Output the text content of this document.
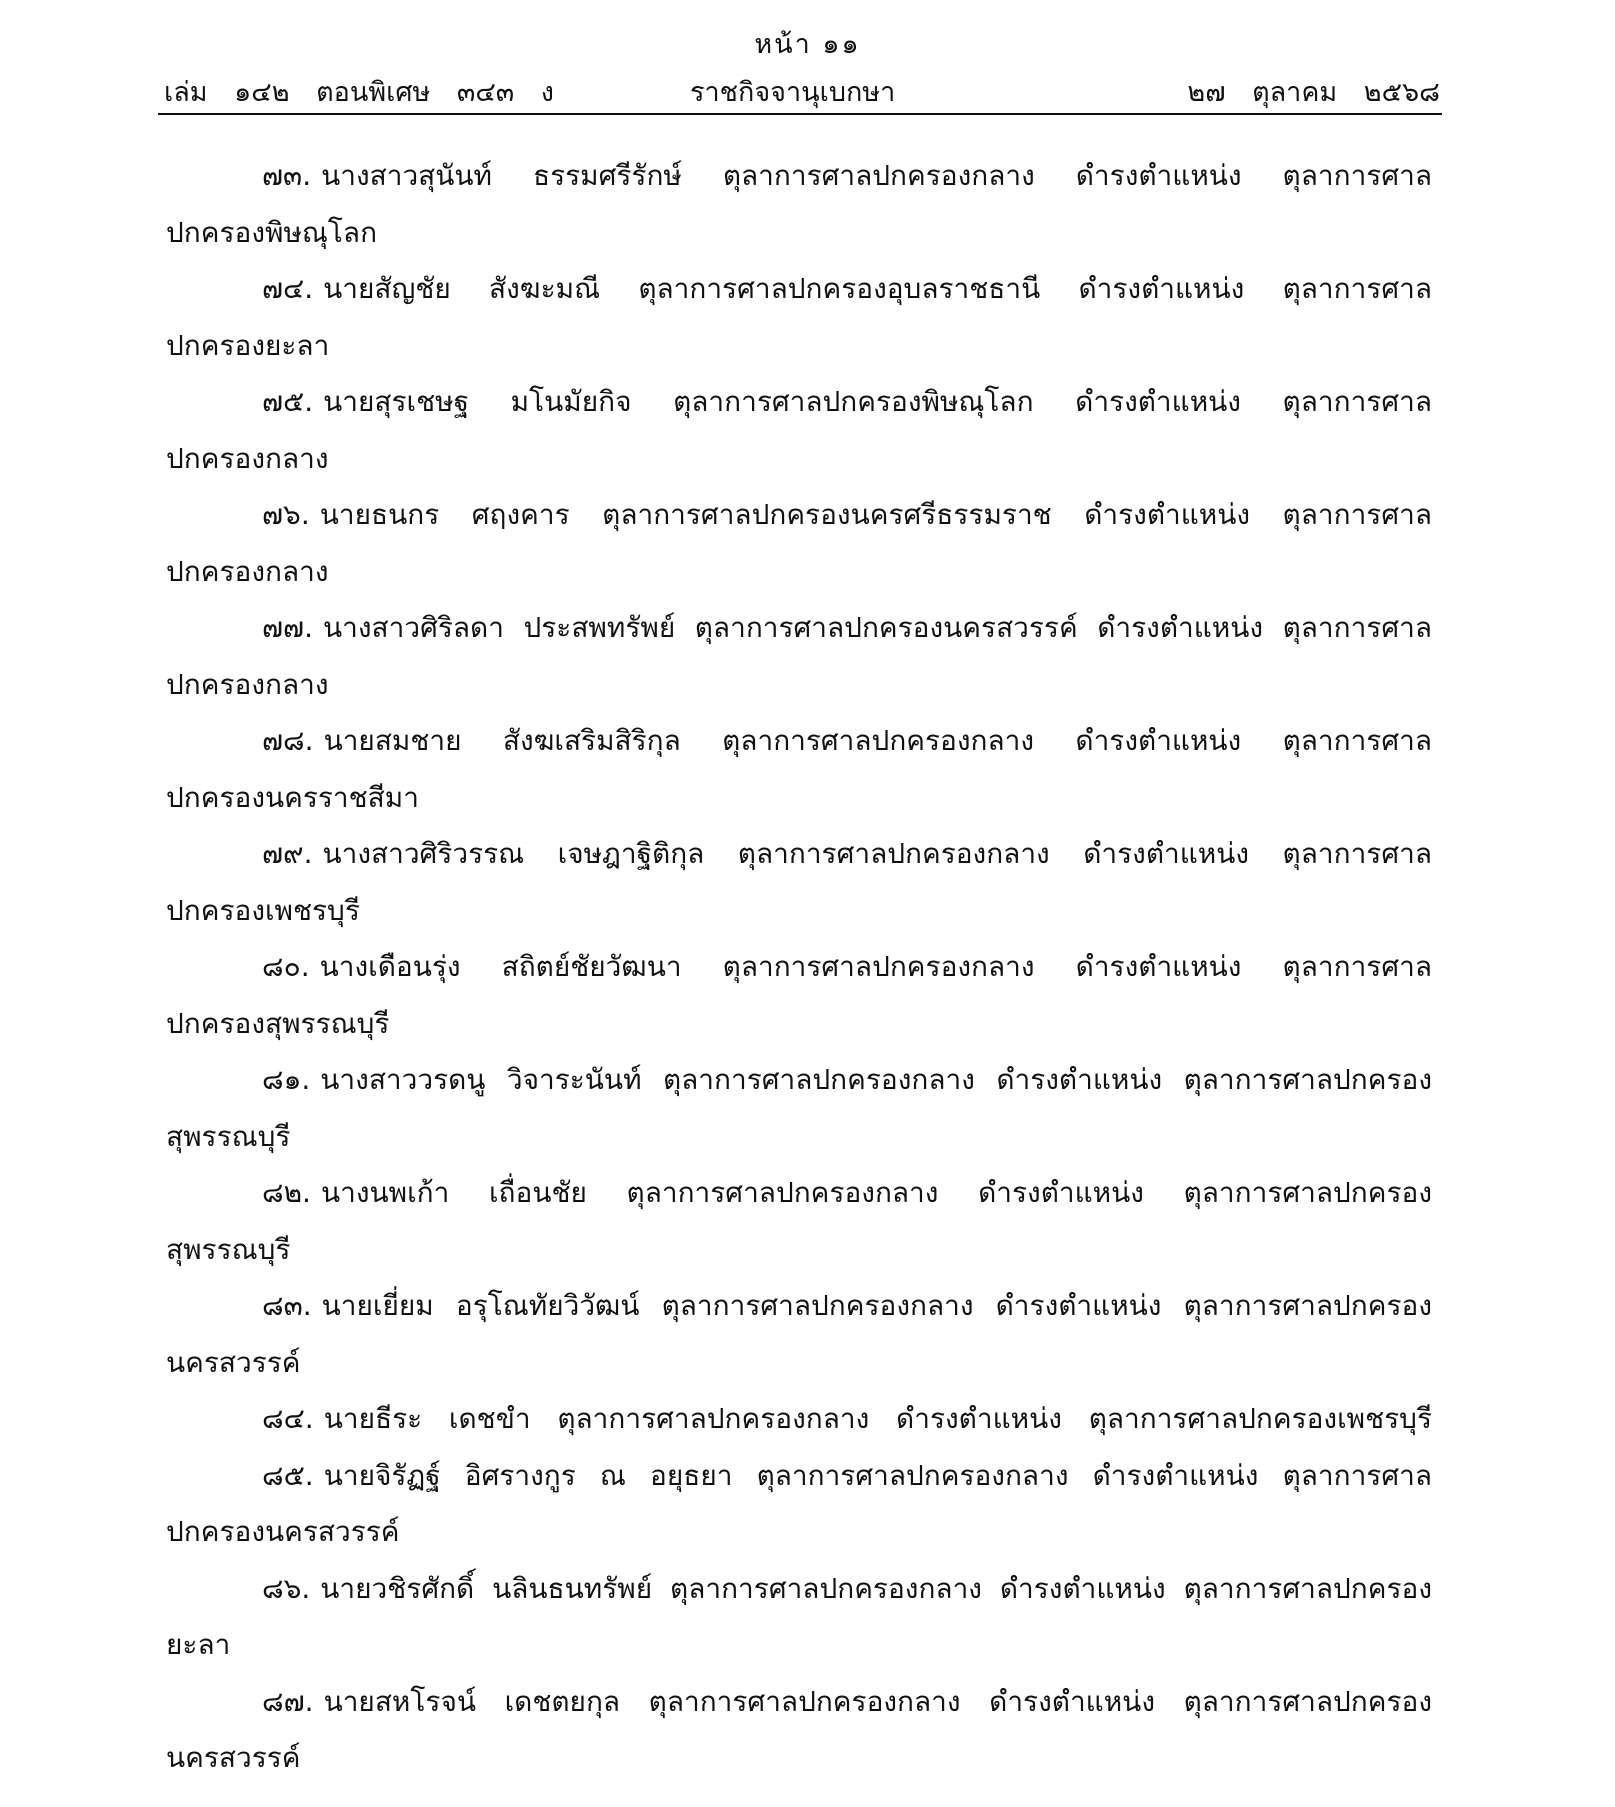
หน้า ๑๑
เล่ม ๑๔๒ ตอนพิเศษ ๓๔๓ ง	ราชกิจจานุเบกษา	๒๗ ตุลาคม ๒๕๖๘

๗๓. นางสาวสุนันท์ ธรรมศรีรักษ์ ตุลาการศาลปกครองกลาง ดำรงตำแหน่ง ตุลาการศาลปกครองพิษณุโลก

๗๔. นายสัญชัย สังฆะมณี ตุลาการศาลปกครองอุบลราชธานี ดำรงตำแหน่ง ตุลาการศาลปกครองยะลา

๗๕. นายสุรเชษฐ มโนมัยกิจ ตุลาการศาลปกครองพิษณุโลก ดำรงตำแหน่ง ตุลาการศาลปกครองกลาง

๗๖. นายธนกร ศฤงคาร ตุลาการศาลปกครองนครศรีธรรมราช ดำรงตำแหน่ง ตุลาการศาลปกครองกลาง

๗๗. นางสาวศิริลดา ประสพทรัพย์ ตุลาการศาลปกครองนครสวรรค์ ดำรงตำแหน่ง ตุลาการศาลปกครองกลาง

๗๘. นายสมชาย สังฆเสริมสิริกุล ตุลาการศาลปกครองกลาง ดำรงตำแหน่ง ตุลาการศาลปกครองนครราชสีมา

๗๙. นางสาวศิริวรรณ เจษฎาฐิติกุล ตุลาการศาลปกครองกลาง ดำรงตำแหน่ง ตุลาการศาลปกครองเพชรบุรี

๘๐. นางเดือนรุ่ง สถิตย์ชัยวัฒนา ตุลาการศาลปกครองกลาง ดำรงตำแหน่ง ตุลาการศาลปกครองสุพรรณบุรี

๘๑. นางสาววรดนู วิจาระนันท์ ตุลาการศาลปกครองกลาง ดำรงตำแหน่ง ตุลาการศาลปกครองสุพรรณบุรี

๘๒. นางนพเก้า เถื่อนชัย ตุลาการศาลปกครองกลาง ดำรงตำแหน่ง ตุลาการศาลปกครองสุพรรณบุรี

๘๓. นายเยี่ยม อรุโณทัยวิวัฒน์ ตุลาการศาลปกครองกลาง ดำรงตำแหน่ง ตุลาการศาลปกครองนครสวรรค์

๘๔. นายธีระ เดชขำ ตุลาการศาลปกครองกลาง ดำรงตำแหน่ง ตุลาการศาลปกครองเพชรบุรี

๘๕. นายจิรัฏฐ์ อิศรางกูร ณ อยุธยา ตุลาการศาลปกครองกลาง ดำรงตำแหน่ง ตุลาการศาลปกครองนครสวรรค์

๘๖. นายวชิรศักดิ์ นลินธนทรัพย์ ตุลาการศาลปกครองกลาง ดำรงตำแหน่ง ตุลาการศาลปกครองยะลา

๘๗. นายสหโรจน์ เดชตยกุล ตุลาการศาลปกครองกลาง ดำรงตำแหน่ง ตุลาการศาลปกครองนครสวรรค์
